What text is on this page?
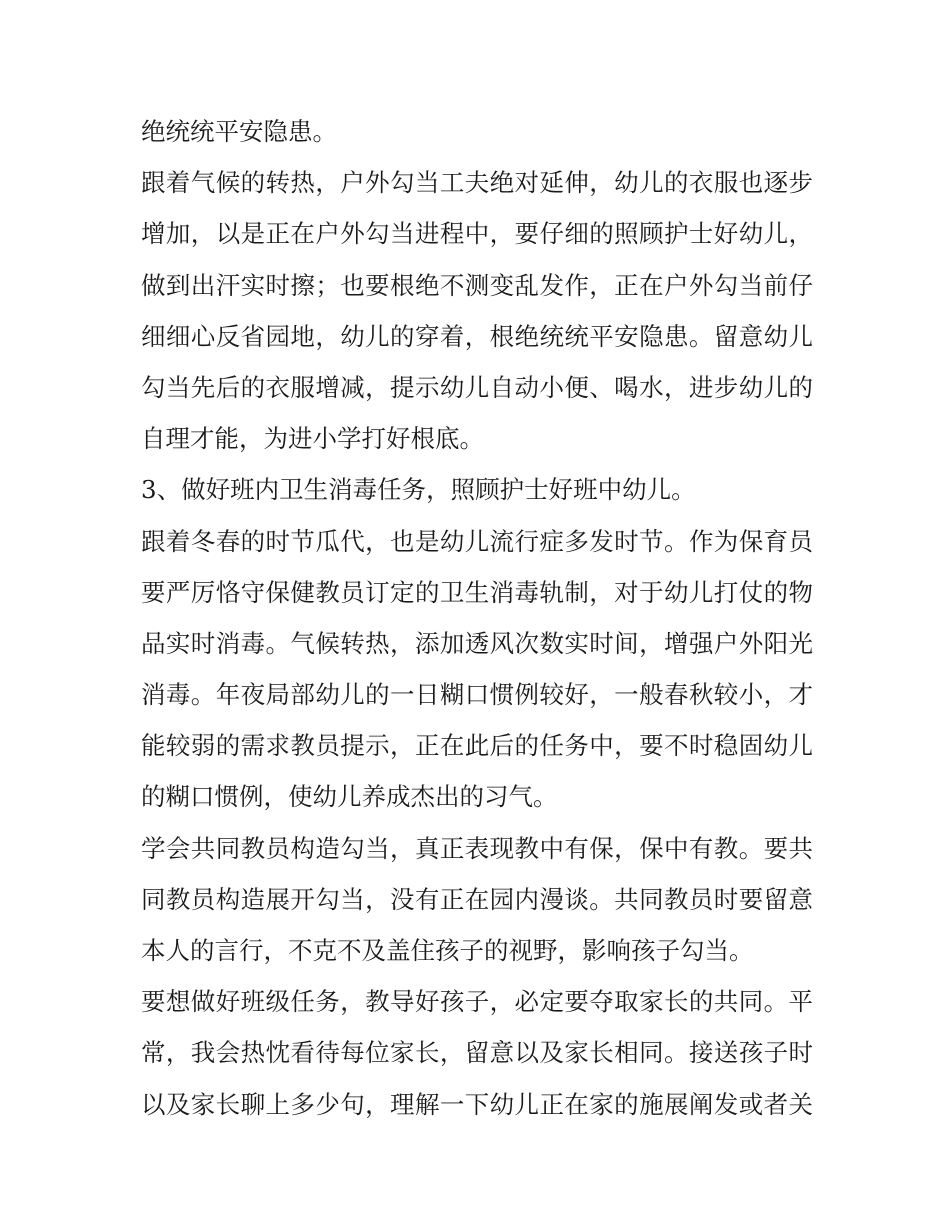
绝统统平安隐患。
跟着气候的转热，户外勾当工夫绝对延伸，幼儿的衣服也逐步
增加，以是正在户外勾当进程中，要仔细的照顾护士好幼儿，
做到出汗实时擦；也要根绝不测变乱发作，正在户外勾当前仔
细细心反省园地，幼儿的穿着，根绝统统平安隐患。留意幼儿
勾当先后的衣服增减，提示幼儿自动小便、喝水，进步幼儿的
自理才能，为进小学打好根底。
3、做好班内卫生消毒任务，照顾护士好班中幼儿。
跟着冬春的时节瓜代，也是幼儿流行症多发时节。作为保育员
要严厉恪守保健教员订定的卫生消毒轨制，对于幼儿打仗的物
品实时消毒。气候转热，添加透风次数实时间，增强户外阳光
消毒。年夜局部幼儿的一日糊口惯例较好，一般春秋较小，才
能较弱的需求教员提示，正在此后的任务中，要不时稳固幼儿
的糊口惯例，使幼儿养成杰出的习气。
学会共同教员构造勾当，真正表现教中有保，保中有教。要共
同教员构造展开勾当，没有正在园内漫谈。共同教员时要留意
本人的言行，不克不及盖住孩子的视野，影响孩子勾当。
要想做好班级任务，教导好孩子，必定要夺取家长的共同。平
常，我会热忱看待每位家长，留意以及家长相同。接送孩子时
以及家长聊上多少句，理解一下幼儿正在家的施展阐发或者关
